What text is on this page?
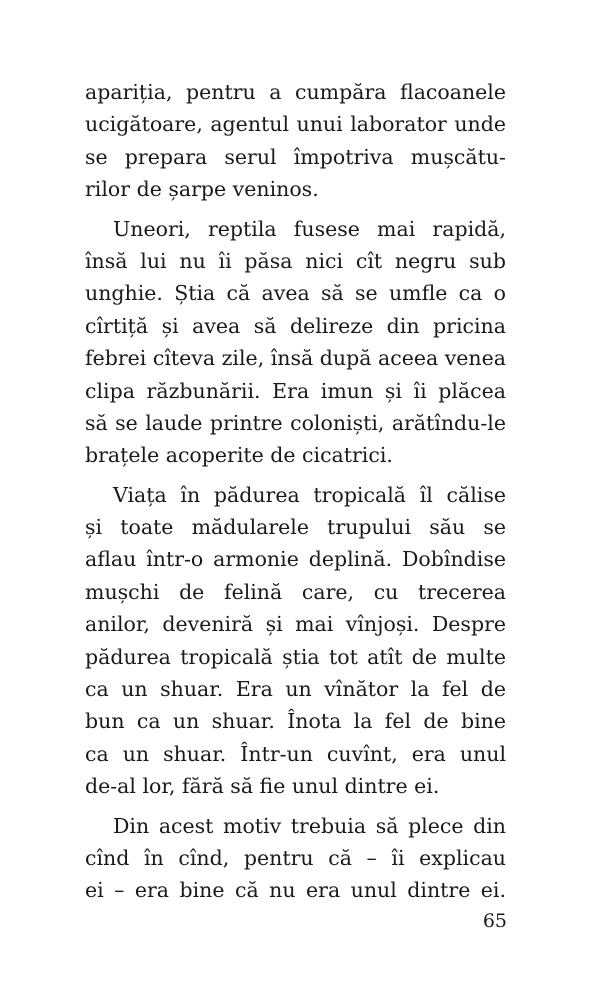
apariția, pentru a cumpăra flacoanele
ucigătoare, agentul unui laborator unde
se prepara serul împotriva mușcătu-
rilor de șarpe veninos.
Uneori, reptila fusese mai rapidă,
însă lui nu îi păsa nici cît negru sub
unghie. Știa că avea să se umfle ca o
cîrtiță și avea să delireze din pricina
febrei cîteva zile, însă după aceea venea
clipa răzbunării. Era imun și îi plăcea
să se laude printre coloniști, arătîndu-le
brațele acoperite de cicatrici.
Viața în pădurea tropicală îl călise
și toate mădularele trupului său se
aflau într-o armonie deplină. Dobîndise
mușchi de felină care, cu trecerea
anilor, deveniră și mai vînjoși. Despre
pădurea tropicală știa tot atît de multe
ca un shuar. Era un vînător la fel de
bun ca un shuar. Înota la fel de bine
ca un shuar. Într-un cuvînt, era unul
de-al lor, fără să fie unul dintre ei.
Din acest motiv trebuia să plece din
cînd în cînd, pentru că – îi explicau
ei – era bine că nu era unul dintre ei.
65
